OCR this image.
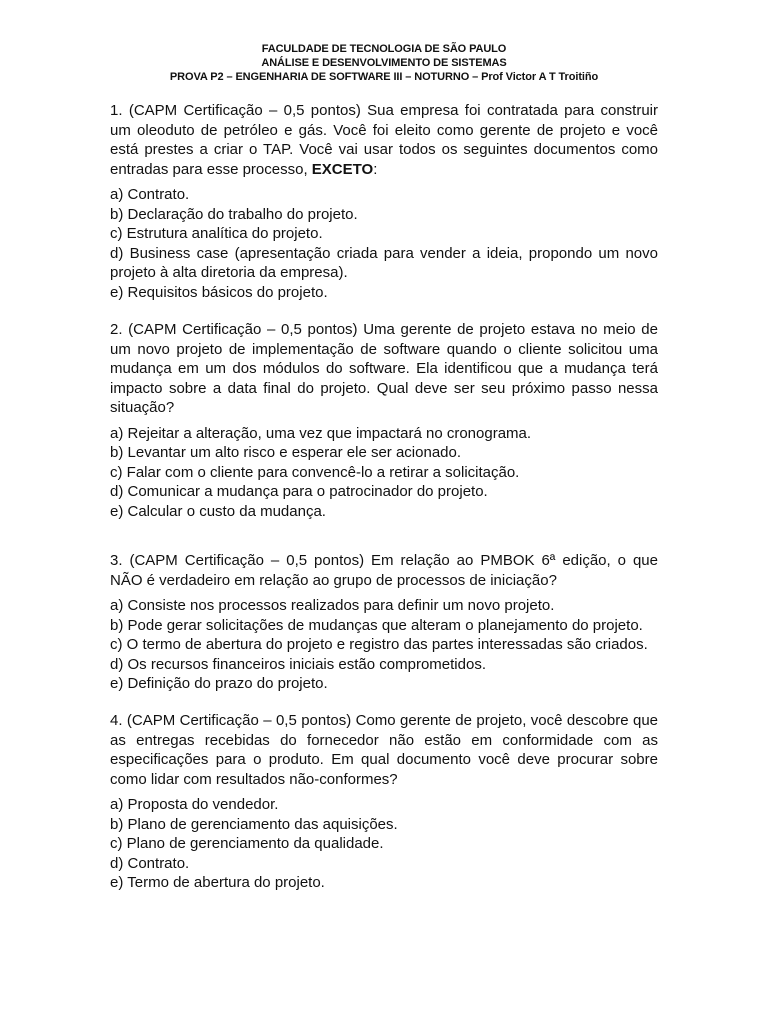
FACULDADE DE TECNOLOGIA DE SÃO PAULO
ANÁLISE E DESENVOLVIMENTO DE SISTEMAS
PROVA P2 – ENGENHARIA DE SOFTWARE III – NOTURNO – Prof Victor A T Troitiño

1. (CAPM Certificação – 0,5 pontos) Sua empresa foi contratada para construir um oleoduto de petróleo e gás. Você foi eleito como gerente de projeto e você está prestes a criar o TAP. Você vai usar todos os seguintes documentos como entradas para esse processo, EXCETO:

a) Contrato.
b) Declaração do trabalho do projeto.
c) Estrutura analítica do projeto.
d) Business case (apresentação criada para vender a ideia, propondo um novo projeto à alta diretoria da empresa).
e) Requisitos básicos do projeto.

2. (CAPM Certificação – 0,5 pontos) Uma gerente de projeto estava no meio de um novo projeto de implementação de software quando o cliente solicitou uma mudança em um dos módulos do software. Ela identificou que a mudança terá impacto sobre a data final do projeto. Qual deve ser seu próximo passo nessa situação?

a) Rejeitar a alteração, uma vez que impactará no cronograma.
b) Levantar um alto risco e esperar ele ser acionado.
c) Falar com o cliente para convencê-lo a retirar a solicitação.
d) Comunicar a mudança para o patrocinador do projeto.
e) Calcular o custo da mudança.

3. (CAPM Certificação – 0,5 pontos) Em relação ao PMBOK 6ª edição, o que NÃO é verdadeiro em relação ao grupo de processos de iniciação?

a) Consiste nos processos realizados para definir um novo projeto.
b) Pode gerar solicitações de mudanças que alteram o planejamento do projeto.
c) O termo de abertura do projeto e registro das partes interessadas são criados.
d) Os recursos financeiros iniciais estão comprometidos.
e) Definição do prazo do projeto.

4. (CAPM Certificação – 0,5 pontos) Como gerente de projeto, você descobre que as entregas recebidas do fornecedor não estão em conformidade com as especificações para o produto. Em qual documento você deve procurar sobre como lidar com resultados não-conformes?

a) Proposta do vendedor.
b) Plano de gerenciamento das aquisições.
c) Plano de gerenciamento da qualidade.
d) Contrato.
e) Termo de abertura do projeto.
